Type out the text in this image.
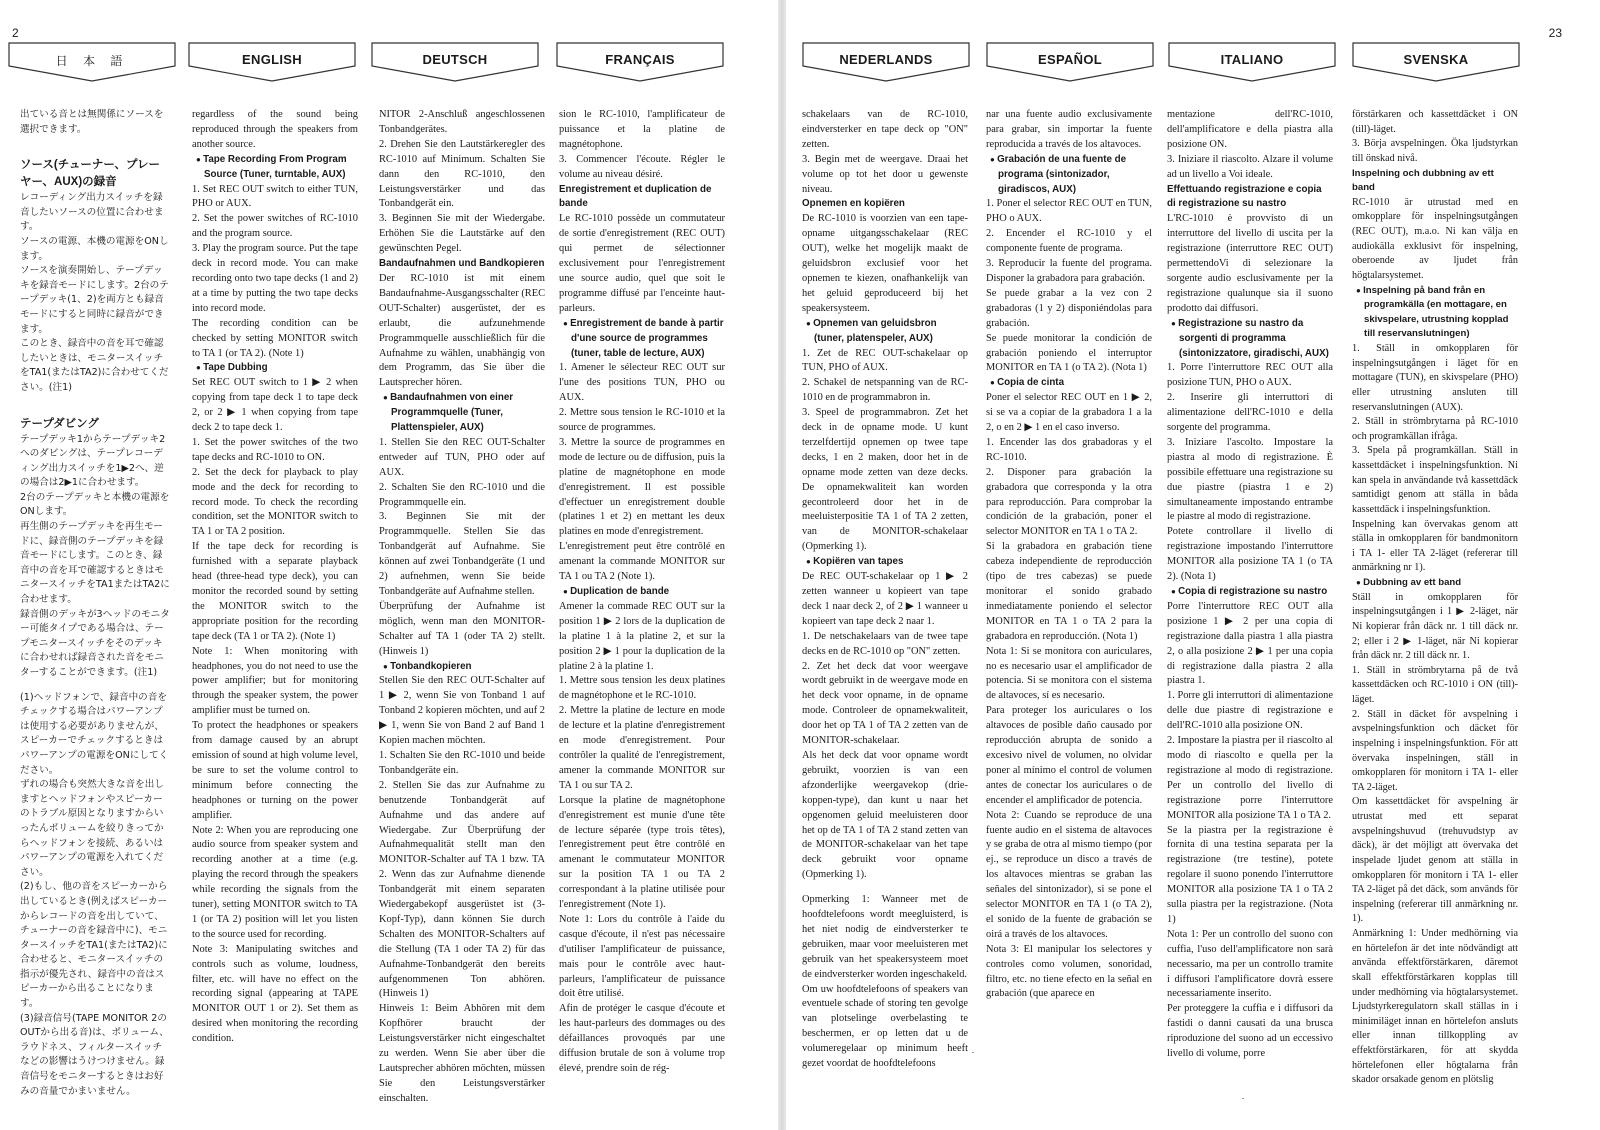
2
日 本 語	ENGLISH	DEUTSCH	FRANÇAIS

出ている音とは無関係にソースを選択できます。

ソース(チューナー、プレーヤー、AUX)の録音

レコーディング出力スイッチを録音したいソースの位置に合わせます。

ソースの電源、本機の電源をONします。

ソースを演奏開始し、テープデッキを録音モードにします。2台のテープデッキ(1、2)を両方とも録音モードにすると同時に録音ができます。

このとき、録音中の音を耳で確認したいときは、モニタースイッチをTA1(またはTA2)に合わせてください。(注1)

テープダビング

テープデッキ1からテープデッキ2へのダビングは、テープレコーディング出力スイッチを1▶2へ、逆の場合は2▶1に合わせます。

2台のテープデッキと本機の電源をONします。

再生側のテープデッキを再生モードに、録音側のテープデッキを録音モードにします。このとき、録音中の音を耳で確認するときはモニタースイッチをTA1またはTA2に合わせます。

録音側のデッキが3ヘッドのモニター可能タイプである場合は、テープモニタースイッチをそのデッキに合わせれば録音された音をモニターすることができます。(注1)

(1)ヘッドフォンで、録音中の音をチェックする場合はパワーアンプは使用する必要がありませんが、スピーカーでチェックするときはパワーアンプの電源をONにしてください。

ずれの場合も突然大きな音を出しますとヘッドフォンやスピーカーのトラブル原因となりますからいったんボリュームを絞りきってからヘッドフォンを接続、あるいはパワーアンプの電源を入れてください。

(2)もし、他の音をスピーカーから出しているとき(例えばスピーカーからレコードの音を出していて、チューナーの音を録音中に)、モニタースイッチをTA1(またはTA2)に合わせると、モニタースイッチの指示が優先され、録音中の音はスピーカーから出ることになります。

(3)録音信号(TAPE MONITOR 2のOUTから出る音)は、ボリューム、ラウドネス、フィルタースイッチなどの影響はうけつけません。録音信号をモニターするときはお好みの音量でかまいません。

regardless of the sound being reproduced through the speakers from another source.

● Tape Recording From Program Source (Tuner, turntable, AUX)

1. Set REC OUT switch to either TUN, PHO or AUX.

2. Set the power switches of RC-1010 and the program source.

3. Play the program source. Put the tape deck in record mode. You can make recording onto two tape decks (1 and 2) at a time by putting the two tape decks into record mode.

The recording condition can be checked by setting MONITOR switch to TA 1 (or TA 2). (Note 1)

● Tape Dubbing

Set REC OUT switch to 1 ▶ 2 when copying from tape deck 1 to tape deck 2, or 2 ▶ 1 when copying from tape deck 2 to tape deck 1.

1. Set the power switches of the two tape decks and RC-1010 to ON.

2. Set the deck for playback to play mode and the deck for recording to record mode. To check the recording condition, set the MONITOR switch to TA 1 or TA 2 position.

If the tape deck for recording is furnished with a separate playback head (three-head type deck), you can monitor the recorded sound by setting the MONITOR switch to the appropriate position for the recording tape deck (TA 1 or TA 2). (Note 1)

Note 1: When monitoring with headphones, you do not need to use the power amplifier; but for monitoring through the speaker system, the power amplifier must be turned on.

To protect the headphones or speakers from damage caused by an abrupt emission of sound at high volume level, be sure to set the volume control to minimum before connecting the headphones or turning on the power amplifier.

Note 2: When you are reproducing one audio source from speaker system and recording another at a time (e.g. playing the record through the speakers while recording the signals from the tuner), setting MONITOR switch to TA 1 (or TA 2) position will let you listen to the source used for recording.

Note 3: Manipulating switches and controls such as volume, loudness, filter, etc. will have no effect on the recording signal (appearing at TAPE MONITOR OUT 1 or 2). Set them as desired when monitoring the recording condition.

NITOR 2-Anschluß angeschlossenen Tonbandgerätes.

2. Drehen Sie den Lautstärkeregler des RC-1010 auf Minimum. Schalten Sie dann den RC-1010, den Leistungsverstärker und das Tonbandgerät ein.

3. Beginnen Sie mit der Wiedergabe. Erhöhen Sie die Lautstärke auf den gewünschten Pegel.

Bandaufnahmen und Bandkopieren

Der RC-1010 ist mit einem Bandaufnahme-Ausgangsschalter (REC OUT-Schalter) ausgerüstet, der es erlaubt, die aufzunehmende Programmquelle ausschließlich für die Aufnahme zu wählen, unabhängig von dem Programm, das Sie über die Lautsprecher hören.

● Bandaufnahmen von einer Programmquelle (Tuner, Plattenspieler, AUX)

1. Stellen Sie den REC OUT-Schalter entweder auf TUN, PHO oder auf AUX.

2. Schalten Sie den RC-1010 und die Programmquelle ein.

3. Beginnen Sie mit der Programmquelle. Stellen Sie das Tonbandgerät auf Aufnahme. Sie können auf zwei Tonbandgeräte (1 und 2) aufnehmen, wenn Sie beide Tonbandgeräte auf Aufnahme stellen.

Überprüfung der Aufnahme ist möglich, wenn man den MONITOR-Schalter auf TA 1 (oder TA 2) stellt. (Hinweis 1)

● Tonbandkopieren

Stellen Sie den REC OUT-Schalter auf 1 ▶ 2, wenn Sie von Tonband 1 auf Tonband 2 kopieren möchten, und auf 2 ▶ 1, wenn Sie von Band 2 auf Band 1 Kopien machen möchten.

1. Schalten Sie den RC-1010 und beide Tonbandgeräte ein.

2. Stellen Sie das zur Aufnahme zu benutzende Tonbandgerät auf Aufnahme und das andere auf Wiedergabe. Zur Überprüfung der Aufnahmequalität stellt man den MONITOR-Schalter auf TA 1 bzw. TA 2. Wenn das zur Aufnahme dienende Tonbandgerät mit einem separaten Wiedergabekopf ausgerüstet ist (3-Kopf-Typ), dann können Sie durch Schalten des MONITOR-Schalters auf die Stellung (TA 1 oder TA 2) für das Aufnahme-Tonbandgerät den bereits aufgenommenen Ton abhören. (Hinweis 1)

Hinweis 1: Beim Abhören mit dem Kopfhörer braucht der Leistungsverstärker nicht eingeschaltet zu werden. Wenn Sie aber über die Lautsprecher abhören möchten, müssen Sie den Leistungsverstärker einschalten.

sion le RC-1010, l'amplificateur de puissance et la platine de magnétophone.

3. Commencer l'écoute. Régler le volume au niveau désiré.

Enregistrement et duplication de bande

Le RC-1010 possède un commutateur de sortie d'enregistrement (REC OUT) qui permet de sélectionner exclusivement pour l'enregistrement une source audio, quel que soit le programme diffusé par l'enceinte haut-parleurs.

● Enregistrement de bande à partir d'une source de programmes (tuner, table de lecture, AUX)

1. Amener le sélecteur REC OUT sur l'une des positions TUN, PHO ou AUX.

2. Mettre sous tension le RC-1010 et la source de programmes.

3. Mettre la source de programmes en mode de lecture ou de diffusion, puis la platine de magnétophone en mode d'enregistrement. Il est possible d'effectuer un enregistrement double (platines 1 et 2) en mettant les deux platines en mode d'enregistrement.

L'enregistrement peut être contrôlé en amenant la commande MONITOR sur TA 1 ou TA 2 (Note 1).

● Duplication de bande

Amener la commade REC OUT sur la position 1 ▶ 2 lors de la duplication de la platine 1 à la platine 2, et sur la position 2 ▶ 1 pour la duplication de la platine 2 à la platine 1.

1. Mettre sous tension les deux platines de magnétophone et le RC-1010.

2. Mettre la platine de lecture en mode de lecture et la platine d'enregistrement en mode d'enregistrement. Pour contrôler la qualité de l'enregistrement, amener la commande MONITOR sur TA 1 ou sur TA 2.

Lorsque la platine de magnétophone d'enregistrement est munie d'une tête de lecture séparée (type trois têtes), l'enregistrement peut être contrôlé en amenant le commutateur MONITOR sur la position TA 1 ou TA 2 correspondant à la platine utilisée pour l'enregistrement (Note 1).

Note 1: Lors du contrôle à l'aide du casque d'écoute, il n'est pas nécessaire d'utiliser l'amplificateur de puissance, mais pour le contrôle avec haut-parleurs, l'amplificateur de puissance doit être utilisé.

Afin de protéger le casque d'écoute et les haut-parleurs des dommages ou des défaillances provoqués par une diffusion brutale de son à volume trop élevé, prendre soin de rég-

23
NEDERLANDS	ESPAÑOL	ITALIANO	SVENSKA

schakelaars van de RC-1010, eindversterker en tape deck op "ON" zetten.

3. Begin met de weergave. Draai het volume op tot het door u gewenste niveau.

Opnemen en kopiëren

De RC-1010 is voorzien van een tape-opname uitgangsschakelaar (REC OUT), welke het mogelijk maakt de geluidsbron exclusief voor het opnemen te kiezen, onafhankelijk van het geluid geproduceerd bij het speakersysteem.

● Opnemen van geluidsbron (tuner, platenspeler, AUX)

1. Zet de REC OUT-schakelaar op TUN, PHO of AUX.

2. Schakel de netspanning van de RC-1010 en de programmabron in.

3. Speel de programmabron. Zet het deck in de opname mode. U kunt terzelfdertijd opnemen op twee tape decks, 1 en 2 maken, door het in de opname mode zetten van deze decks. De opnamekwaliteit kan worden gecontroleerd door het in de meeluisterpositie TA 1 of TA 2 zetten, van de MONITOR-schakelaar (Opmerking 1).

● Kopiëren van tapes

De REC OUT-schakelaar op 1 ▶ 2 zetten wanneer u kopieert van tape deck 1 naar deck 2, of 2 ▶ 1 wanneer u kopieert van tape deck 2 naar 1.

1. De netschakelaars van de twee tape decks en de RC-1010 op "ON" zetten.

2. Zet het deck dat voor weergave wordt gebruikt in de weergave mode en het deck voor opname, in de opname mode. Controleer de opnamekwaliteit, door het op TA 1 of TA 2 zetten van de MONITOR-schakelaar.

Als het deck dat voor opname wordt gebruikt, voorzien is van een afzonderlijke weergavekop (drie-koppen-type), dan kunt u naar het opgenomen geluid meeluisteren door het op de TA 1 of TA 2 stand zetten van de MONITOR-schakelaar van het tape deck gebruikt voor opname (Opmerking 1).

Opmerking 1: Wanneer met de hoofdtelefoons wordt meegluisterd, is het niet nodig de eindversterker te gebruiken, maar voor meeluisteren met gebruik van het speakersysteem moet de eindversterker worden ingeschakeld.

Om uw hoofdtelefoons of speakers van eventuele schade of storing ten gevolge van plotselinge overbelasting te beschermen, er op letten dat u de volumeregelaar op minimum heeft gezet voordat de hoofdtelefoons

nar una fuente audio exclusivamente para grabar, sin importar la fuente reproducida a través de los altavoces.

● Grabación de una fuente de programa (sintonizador, giradiscos, AUX)

1. Poner el selector REC OUT en TUN, PHO o AUX.

2. Encender el RC-1010 y el componente fuente de programa.

3. Reproducir la fuente del programa. Disponer la grabadora para grabación.

Se puede grabar a la vez con 2 grabadoras (1 y 2) disponiéndolas para grabación.

Se puede monitorar la condición de grabación poniendo el interruptor MONITOR en TA 1 (o TA 2). (Nota 1)

● Copia de cinta

Poner el selector REC OUT en 1 ▶ 2, si se va a copiar de la grabadora 1 a la 2, o en 2 ▶ 1 en el caso inverso.

1. Encender las dos grabadoras y el RC-1010.

2. Disponer para grabación la grabadora que corresponda y la otra para reproducción. Para comprobar la condición de la grabación, poner el selector MONITOR en TA 1 o TA 2.

Si la grabadora en grabación tiene cabeza independiente de reproducción (tipo de tres cabezas) se puede monitorar el sonido grabado inmediatamente poniendo el selector MONITOR en TA 1 o TA 2 para la grabadora en reproducción. (Nota 1)

Nota 1: Si se monitora con auriculares, no es necesario usar el amplificador de potencia. Si se monitora con el sistema de altavoces, sí es necesario.

Para proteger los auriculares o los altavoces de posible daño causado por reproducción abrupta de sonido a excesivo nivel de volumen, no olvidar poner al mínimo el control de volumen antes de conectar los auriculares o de encender el amplificador de potencia.

Nota 2: Cuando se reproduce de una fuente audio en el sistema de altavoces y se graba de otra al mismo tiempo (por ej., se reproduce un disco a través de los altavoces mientras se graban las señales del sintonizador), si se pone el selector MONITOR en TA 1 (o TA 2), el sonido de la fuente de grabación se oirá a través de los altavoces.

Nota 3: El manipular los selectores y controles como volumen, sonoridad, filtro, etc. no tiene efecto en la señal en grabación (que aparece en

mentazione dell'RC-1010, dell'amplificatore e della piastra alla posizione ON.

3. Iniziare il riascolto. Alzare il volume ad un livello a Voi ideale.

Effettuando registrazione e copia di registrazione su nastro

L'RC-1010 è provvisto di un interruttore del livello di uscita per la registrazione (interruttore REC OUT) permettendoVi di selezionare la sorgente audio esclusivamente per la registrazione qualunque sia il suono prodotto dai diffusori.

● Registrazione su nastro da sorgenti di programma (sintonizzatore, giradischi, AUX)

1. Porre l'interruttore REC OUT alla posizione TUN, PHO o AUX.

2. Inserire gli interruttori di alimentazione dell'RC-1010 e della sorgente del programma.

3. Iniziare l'ascolto. Impostare la piastra al modo di registrazione. È possibile effettuare una registrazione su due piastre (piastra 1 e 2) simultaneamente impostando entrambe le piastre al modo di registrazione.

Potete controllare il livello di registrazione impostando l'interruttore MONITOR alla posizione TA 1 (o TA 2). (Nota 1)

● Copia di registrazione su nastro

Porre l'interruttore REC OUT alla posizione 1 ▶ 2 per una copia di registrazione dalla piastra 1 alla piastra 2, o alla posizione 2 ▶ 1 per una copia di registrazione dalla piastra 2 alla piastra 1.

1. Porre gli interruttori di alimentazione delle due piastre di registrazione e dell'RC-1010 alla posizione ON.

2. Impostare la piastra per il riascolto al modo di riascolto e quella per la registrazione al modo di registrazione. Per un controllo del livello di registrazione porre l'interruttore MONITOR alla posizione TA 1 o TA 2.

Se la piastra per la registrazione è fornita di una testina separata per la registrazione (tre testine), potete regolare il suono ponendo l'interruttore MONITOR alla posizione TA 1 o TA 2 sulla piastra per la registrazione. (Nota 1)

Nota 1: Per un controllo del suono con cuffia, l'uso dell'amplificatore non sarà necessario, ma per un controllo tramite i diffusori l'amplificatore dovrà essere necessariamente inserito.

Per proteggere la cuffia e i diffusori da fastidi o danni causati da una brusca riproduzione del suono ad un eccessivo livello di volume, porre

förstärkaren och kassettdäcket i ON (till)-läget.

3. Börja avspelningen. Öka ljudstyrkan till önskad nivå.

Inspelning och dubbning av ett band

RC-1010 är utrustad med en omkopplare för inspelningsutgången (REC OUT), m.a.o. Ni kan välja en audiokälla exklusivt för inspelning, oberoende av ljudet från högtalarsystemet.

● Inspelning på band från en programkälla (en mottagare, en skivspelare, utrustning kopplad till reservanslutningen)

1. Ställ in omkopplaren för inspelningsutgången i läget för en mottagare (TUN), en skivspelare (PHO) eller utrustning ansluten till reservanslutningen (AUX).

2. Ställ in strömbrytarna på RC-1010 och programkällan ifråga.

3. Spela på programkällan. Ställ in kassettdäcket i inspelningsfunktion. Ni kan spela in användande två kassettdäck samtidigt genom att ställa in båda kassettdäck i inspelningsfunktion.

Inspelning kan övervakas genom att ställa in omkopplaren för bandmonitorn i TA 1- eller TA 2-läget (refererar till anmärkning nr 1).

● Dubbning av ett band

Ställ in omkopplaren för inspelningsutgången i 1 ▶ 2-läget, när Ni kopierar från däck nr. 1 till däck nr. 2; eller i 2 ▶ 1-läget, när Ni kopierar från däck nr. 2 till däck nr. 1.

1. Ställ in strömbrytarna på de två kassettdäcken och RC-1010 i ON (till)-läget.

2. Ställ in däcket för avspelning i avspelningsfunktion och däcket för inspelning i inspelningsfunktion. För att övervaka inspelningen, ställ in omkopplaren för monitorn i TA 1- eller TA 2-läget.

Om kassettdäcket för avspelning är utrustat med ett separat avspelningshuvud (trehuvudstyp av däck), är det möjligt att övervaka det inspelade ljudet genom att ställa in omkopplaren för monitorn i TA 1- eller TA 2-läget på det däck, som används för inspelning (refererar till anmärkning nr. 1).

Anmärkning 1: Under medhörning via en hörtelefon är det inte nödvändigt att använda effektförstärkaren, däremot skall effektförstärkaren kopplas till under medhörning via högtalarsystemet. Ljudstyrkeregulatorn skall ställas in i minimiläget innan en hörtelefon ansluts eller innan tillkoppling av effektförstärkaren, för att skydda hörtelefonen eller högtalarna från skador orsakade genom en plötslig
